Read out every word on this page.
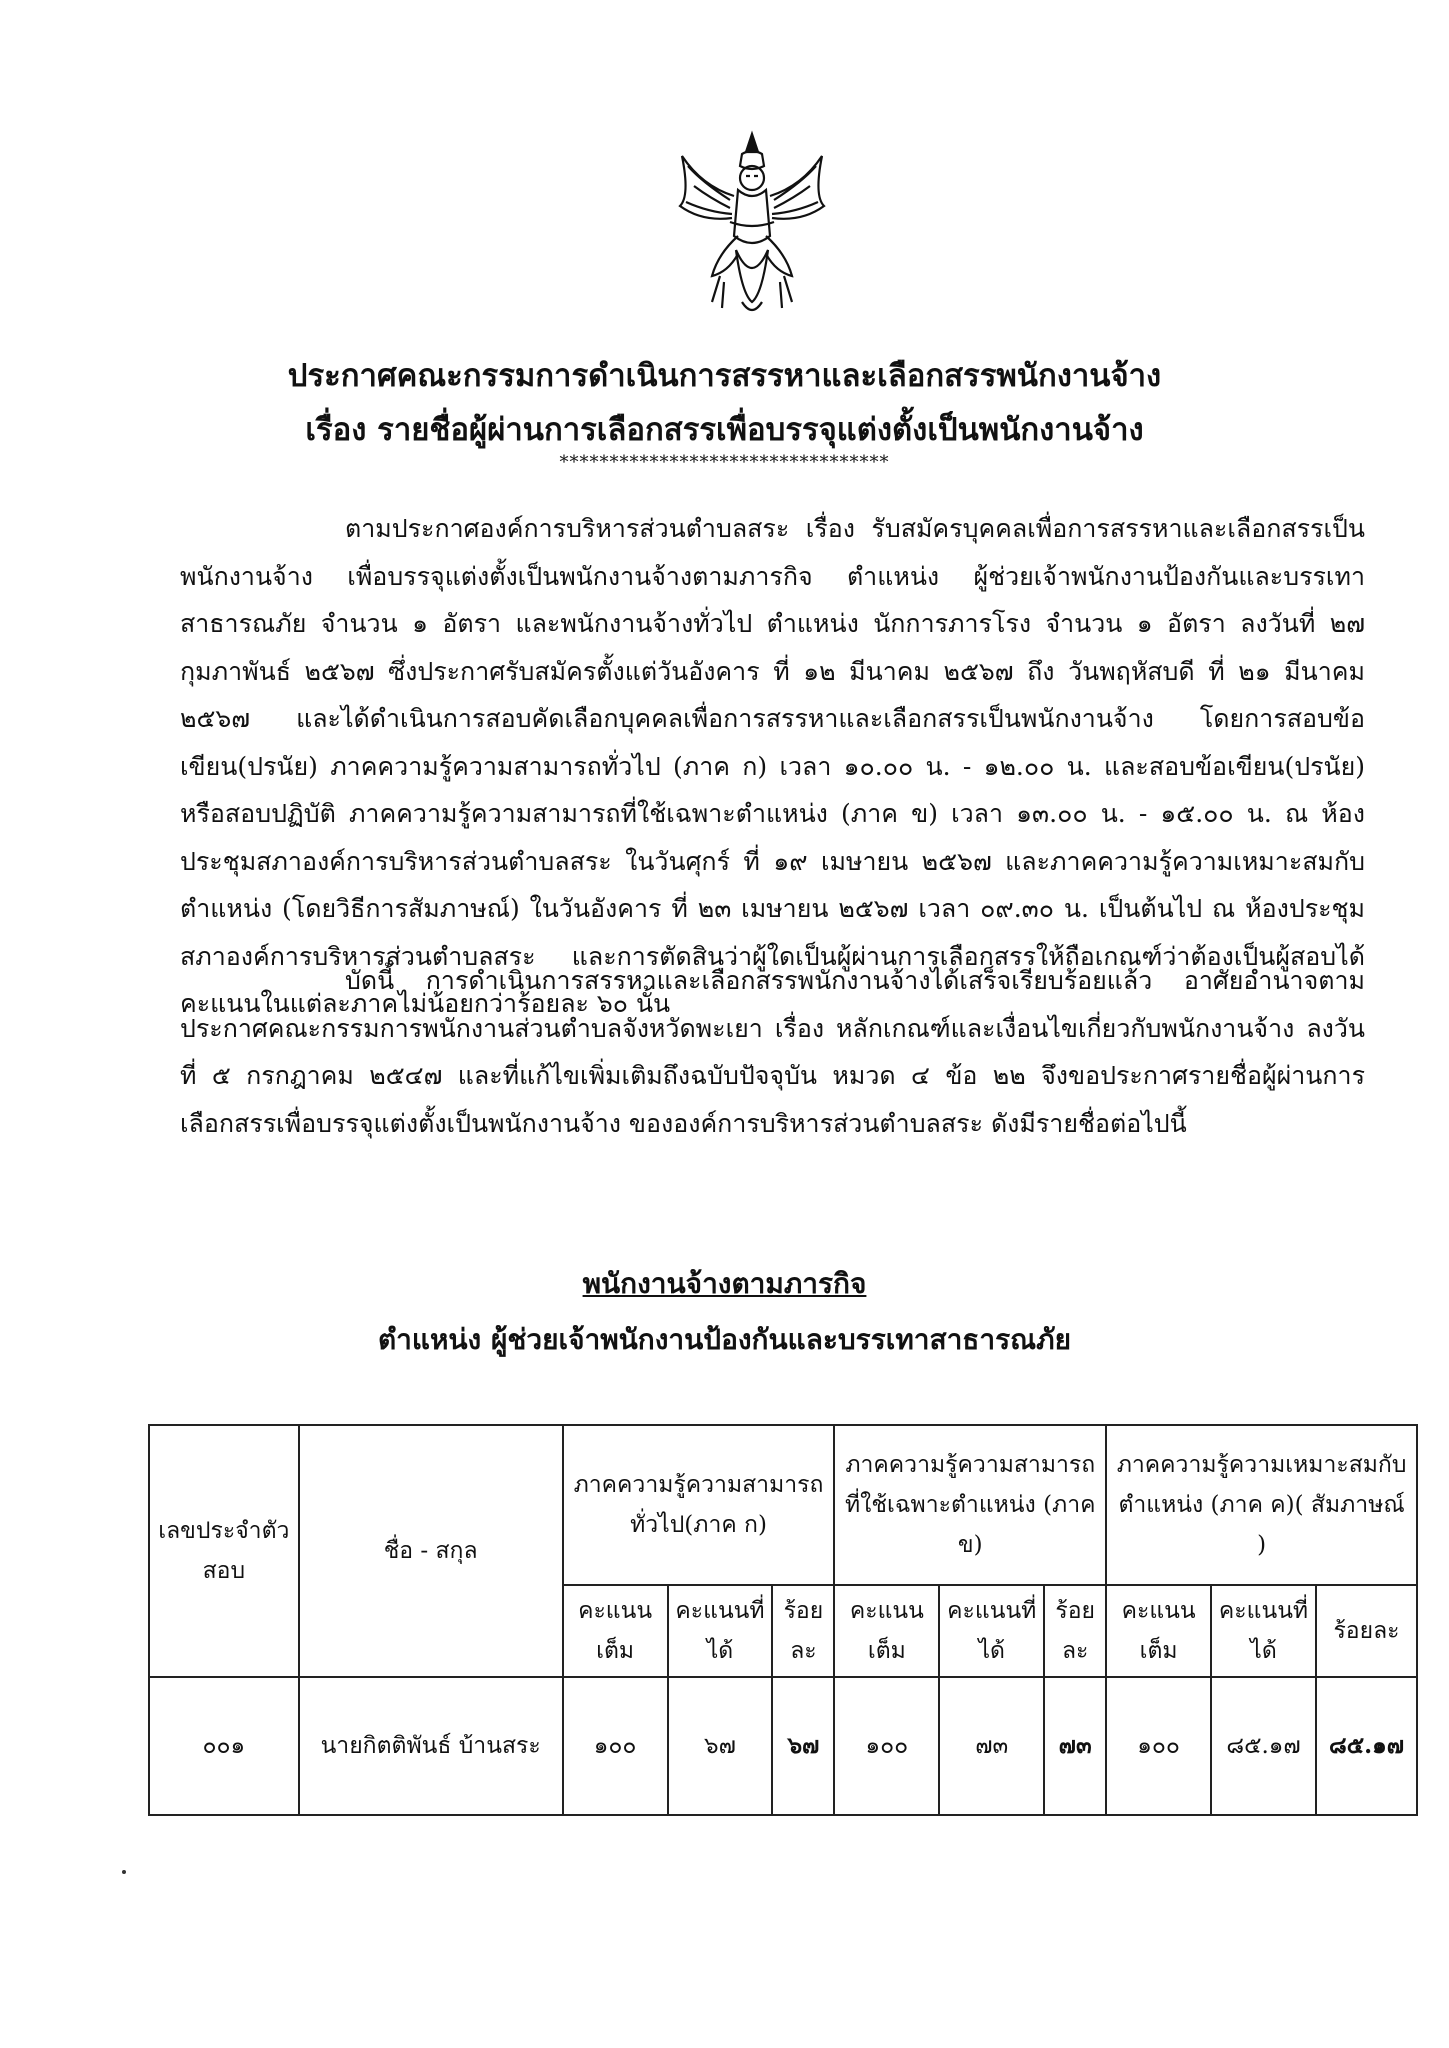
ประกาศคณะกรรมการดำเนินการสรรหาและเลือกสรรพนักงานจ้าง
เรื่อง รายชื่อผู้ผ่านการเลือกสรรเพื่อบรรจุแต่งตั้งเป็นพนักงานจ้าง
*********************************
ตามประกาศองค์การบริหารส่วนตำบลสระ เรื่อง รับสมัครบุคคลเพื่อการสรรหาและเลือกสรรเป็นพนักงานจ้าง เพื่อบรรจุแต่งตั้งเป็นพนักงานจ้างตามภารกิจ ตำแหน่ง ผู้ช่วยเจ้าพนักงานป้องกันและบรรเทาสาธารณภัย จำนวน ๑ อัตรา และพนักงานจ้างทั่วไป ตำแหน่ง นักการภารโรง จำนวน ๑ อัตรา ลงวันที่ ๒๗ กุมภาพันธ์ ๒๕๖๗ ซึ่งประกาศรับสมัครตั้งแต่วันอังคาร ที่ ๑๒ มีนาคม ๒๕๖๗ ถึง วันพฤหัสบดี ที่ ๒๑ มีนาคม ๒๕๖๗ และได้ดำเนินการสอบคัดเลือกบุคคลเพื่อการสรรหาและเลือกสรรเป็นพนักงานจ้าง โดยการสอบข้อเขียน(ปรนัย) ภาคความรู้ความสามารถทั่วไป (ภาค ก) เวลา ๑๐.๐๐ น. - ๑๒.๐๐ น. และสอบข้อเขียน(ปรนัย) หรือสอบปฏิบัติ ภาคความรู้ความสามารถที่ใช้เฉพาะตำแหน่ง (ภาค ข) เวลา ๑๓.๐๐ น. - ๑๕.๐๐ น. ณ ห้องประชุมสภาองค์การบริหารส่วนตำบลสระ ในวันศุกร์ ที่ ๑๙ เมษายน ๒๕๖๗ และภาคความรู้ความเหมาะสมกับตำแหน่ง (โดยวิธีการสัมภาษณ์) ในวันอังคาร ที่ ๒๓ เมษายน ๒๕๖๗ เวลา ๐๙.๓๐ น. เป็นต้นไป ณ ห้องประชุมสภาองค์การบริหารส่วนตำบลสระ และการตัดสินว่าผู้ใดเป็นผู้ผ่านการเลือกสรรให้ถือเกณฑ์ว่าต้องเป็นผู้สอบได้คะแนนในแต่ละภาคไม่น้อยกว่าร้อยละ ๖๐ นั้น
บัดนี้ การดำเนินการสรรหาและเลือกสรรพนักงานจ้างได้เสร็จเรียบร้อยแล้ว อาศัยอำนาจตามประกาศคณะกรรมการพนักงานส่วนตำบลจังหวัดพะเยา เรื่อง หลักเกณฑ์และเงื่อนไขเกี่ยวกับพนักงานจ้าง ลงวันที่ ๕ กรกฎาคม ๒๕๔๗ และที่แก้ไขเพิ่มเติมถึงฉบับปัจจุบัน หมวด ๔ ข้อ ๒๒ จึงขอประกาศรายชื่อผู้ผ่านการเลือกสรรเพื่อบรรจุแต่งตั้งเป็นพนักงานจ้าง ขององค์การบริหารส่วนตำบลสระ ดังมีรายชื่อต่อไปนี้
พนักงานจ้างตามภารกิจ
ตำแหน่ง ผู้ช่วยเจ้าพนักงานป้องกันและบรรเทาสาธารณภัย
เลขประจำตัวสอบ	ชื่อ - สกุล	ภาคความรู้ความสามารถทั่วไป(ภาค ก)			ภาคความรู้ความสามารถที่ใช้เฉพาะตำแหน่ง (ภาค ข)			ภาคความรู้ความเหมาะสมกับตำแหน่ง (ภาค ค)( สัมภาษณ์ )		
		คะแนนเต็ม	คะแนนที่ได้	ร้อยละ	คะแนนเต็ม	คะแนนที่ได้	ร้อยละ	คะแนนเต็ม	คะแนนที่ได้	ร้อยละ
๐๐๑	นายกิตติพันธ์ บ้านสระ	๑๐๐	๖๗	๖๗	๑๐๐	๗๓	๗๓	๑๐๐	๘๕.๑๗	๘๕.๑๗
